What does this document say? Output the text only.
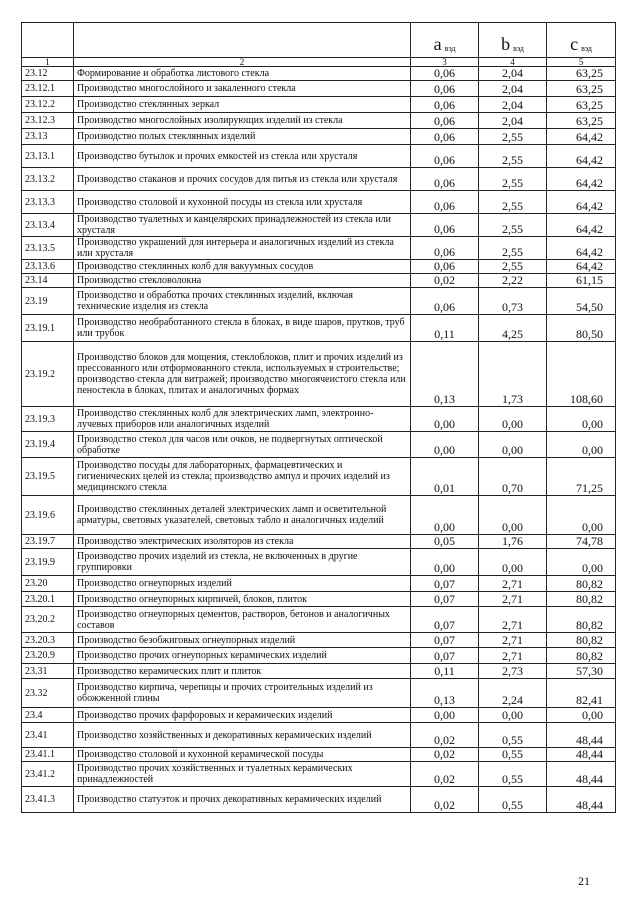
		a $_{вэд}$	b $_{вэд}$	c $_{вэд}$
1	2	3	4	5
23.12	Формирование и обработка листового стекла	0,06	2,04	63,25
23.12.1	Производство многослойного и закаленного стекла	0,06	2,04	63,25
23.12.2	Производство стеклянных зеркал	0,06	2,04	63,25
23.12.3	Производство многослойных изолирующих изделий из стекла	0,06	2,04	63,25
23.13	Производство полых стеклянных изделий	0,06	2,55	64,42
23.13.1	Производство бутылок и прочих емкостей из стекла или хрусталя	0,06	2,55	64,42
23.13.2	Производство стаканов и прочих сосудов для питья из стекла или хрусталя	0,06	2,55	64,42
23.13.3	Производство столовой и кухонной посуды из стекла или хрусталя	0,06	2,55	64,42
23.13.4	Производство туалетных и канцелярских принадлежностей из стекла или хрусталя	0,06	2,55	64,42
23.13.5	Производство украшений для интерьера и аналогичных изделий из стекла или хрусталя	0,06	2,55	64,42
23.13.6	Производство стеклянных колб для вакуумных сосудов	0,06	2,55	64,42
23.14	Производство стекловолокна	0,02	2,22	61,15
23.19	Производство и обработка прочих стеклянных изделий, включая технические изделия из стекла	0,06	0,73	54,50
23.19.1	Производство необработанного стекла в блоках, в виде шаров, прутков, труб или трубок	0,11	4,25	80,50
23.19.2	Производство блоков для мощения, стеклоблоков, плит и прочих изделий из прессованного или отформованного стекла, используемых в строительстве; производство стекла для витражей; производство многоячеистого стекла или пеностекла в блоках, плитах и аналогичных формах	0,13	1,73	108,60
23.19.3	Производство стеклянных колб для электрических ламп, электронно-лучевых приборов или аналогичных изделий	0,00	0,00	0,00
23.19.4	Производство стекол для часов или очков, не подвергнутых оптической обработке	0,00	0,00	0,00
23.19.5	Производство посуды для лабораторных, фармацевтических и гигиенических целей из стекла; производство ампул и прочих изделий из медицинского стекла	0,01	0,70	71,25
23.19.6	Производство стеклянных деталей электрических ламп и осветительной арматуры, световых указателей, световых табло и аналогичных изделий	0,00	0,00	0,00
23.19.7	Производство электрических изоляторов из стекла	0,05	1,76	74,78
23.19.9	Производство прочих изделий из стекла, не включенных в другие группировки	0,00	0,00	0,00
23.20	Производство огнеупорных изделий	0,07	2,71	80,82
23.20.1	Производство огнеупорных кирпичей, блоков, плиток	0,07	2,71	80,82
23.20.2	Производство огнеупорных цементов, растворов, бетонов и аналогичных составов	0,07	2,71	80,82
23.20.3	Производство безобжиговых огнеупорных изделий	0,07	2,71	80,82
23.20.9	Производство прочих огнеупорных керамических изделий	0,07	2,71	80,82
23.31	Производство керамических плит и плиток	0,11	2,73	57,30
23.32	Производство кирпича, черепицы и прочих строительных изделий из обожженной глины	0,13	2,24	82,41
23.4	Производство прочих фарфоровых и керамических изделий	0,00	0,00	0,00
23.41	Производство хозяйственных и декоративных керамических изделий	0,02	0,55	48,44
23.41.1	Производство столовой и кухонной керамической посуды	0,02	0,55	48,44
23.41.2	Производство прочих хозяйственных и туалетных керамических принадлежностей	0,02	0,55	48,44
23.41.3	Производство статуэток и прочих декоративных керамических изделий	0,02	0,55	48,44
21
